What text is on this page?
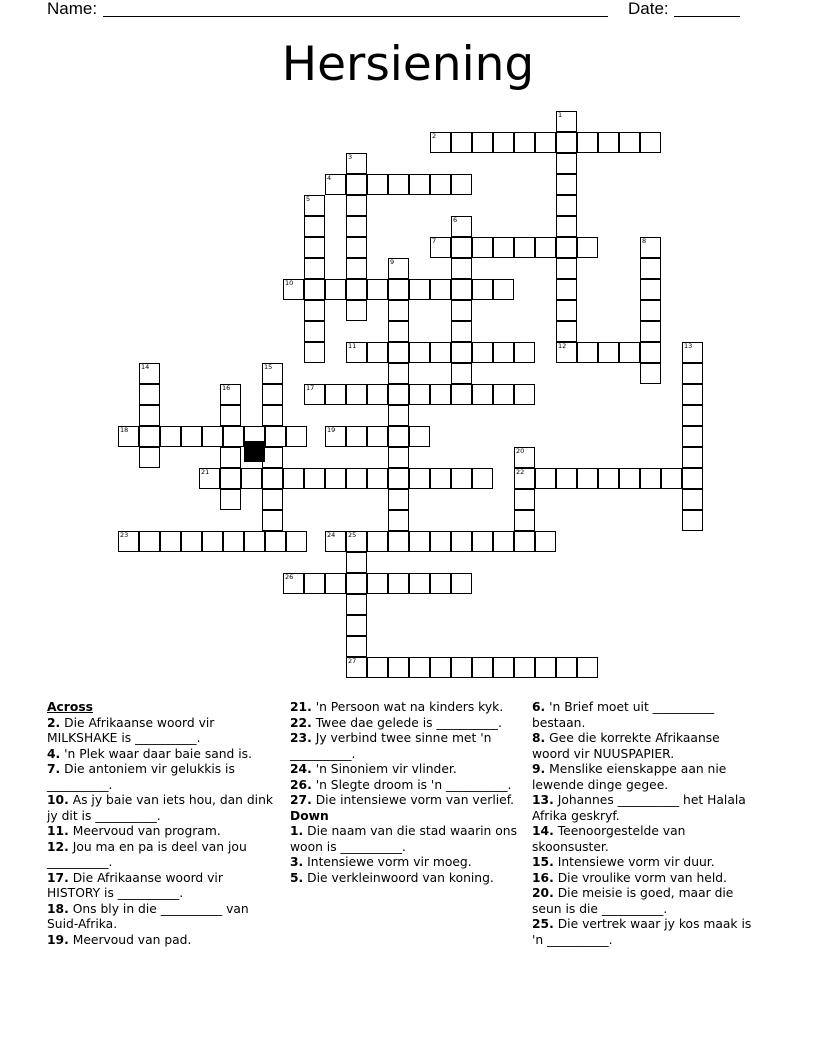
Name:	Date:
Hersiening
1
2
3
4
5
6
7	8
9
10
11	12	13
14	15
16	17
18	19
20
21	22
23	24 25
26
27
Across
2. Die Afrikaanse woord vir MILKSHAKE is __________.
4. 'n Plek waar daar baie sand is.
7. Die antoniem vir gelukkis is __________.
10. As jy baie van iets hou, dan dink jy dit is __________.
11. Meervoud van program.
12. Jou ma en pa is deel van jou __________.
17. Die Afrikaanse woord vir HISTORY is __________.
18. Ons bly in die __________ van Suid-Afrika.
19. Meervoud van pad.
21. 'n Persoon wat na kinders kyk.
22. Twee dae gelede is __________.
23. Jy verbind twee sinne met 'n __________.
24. 'n Sinoniem vir vlinder.
26. 'n Slegte droom is 'n __________.
27. Die intensiewe vorm van verlief.
Down
1. Die naam van die stad waarin ons woon is __________.
3. Intensiewe vorm vir moeg.
5. Die verkleinwoord van koning.
6. 'n Brief moet uit __________ bestaan.
8. Gee die korrekte Afrikaanse woord vir NUUSPAPIER.
9. Menslike eienskappe aan nie lewende dinge gegee.
13. Johannes __________ het Halala Afrika geskryf.
14. Teenoorgestelde van skoonsuster.
15. Intensiewe vorm vir duur.
16. Die vroulike vorm van held.
20. Die meisie is goed, maar die seun is die __________.
25. Die vertrek waar jy kos maak is 'n __________.
